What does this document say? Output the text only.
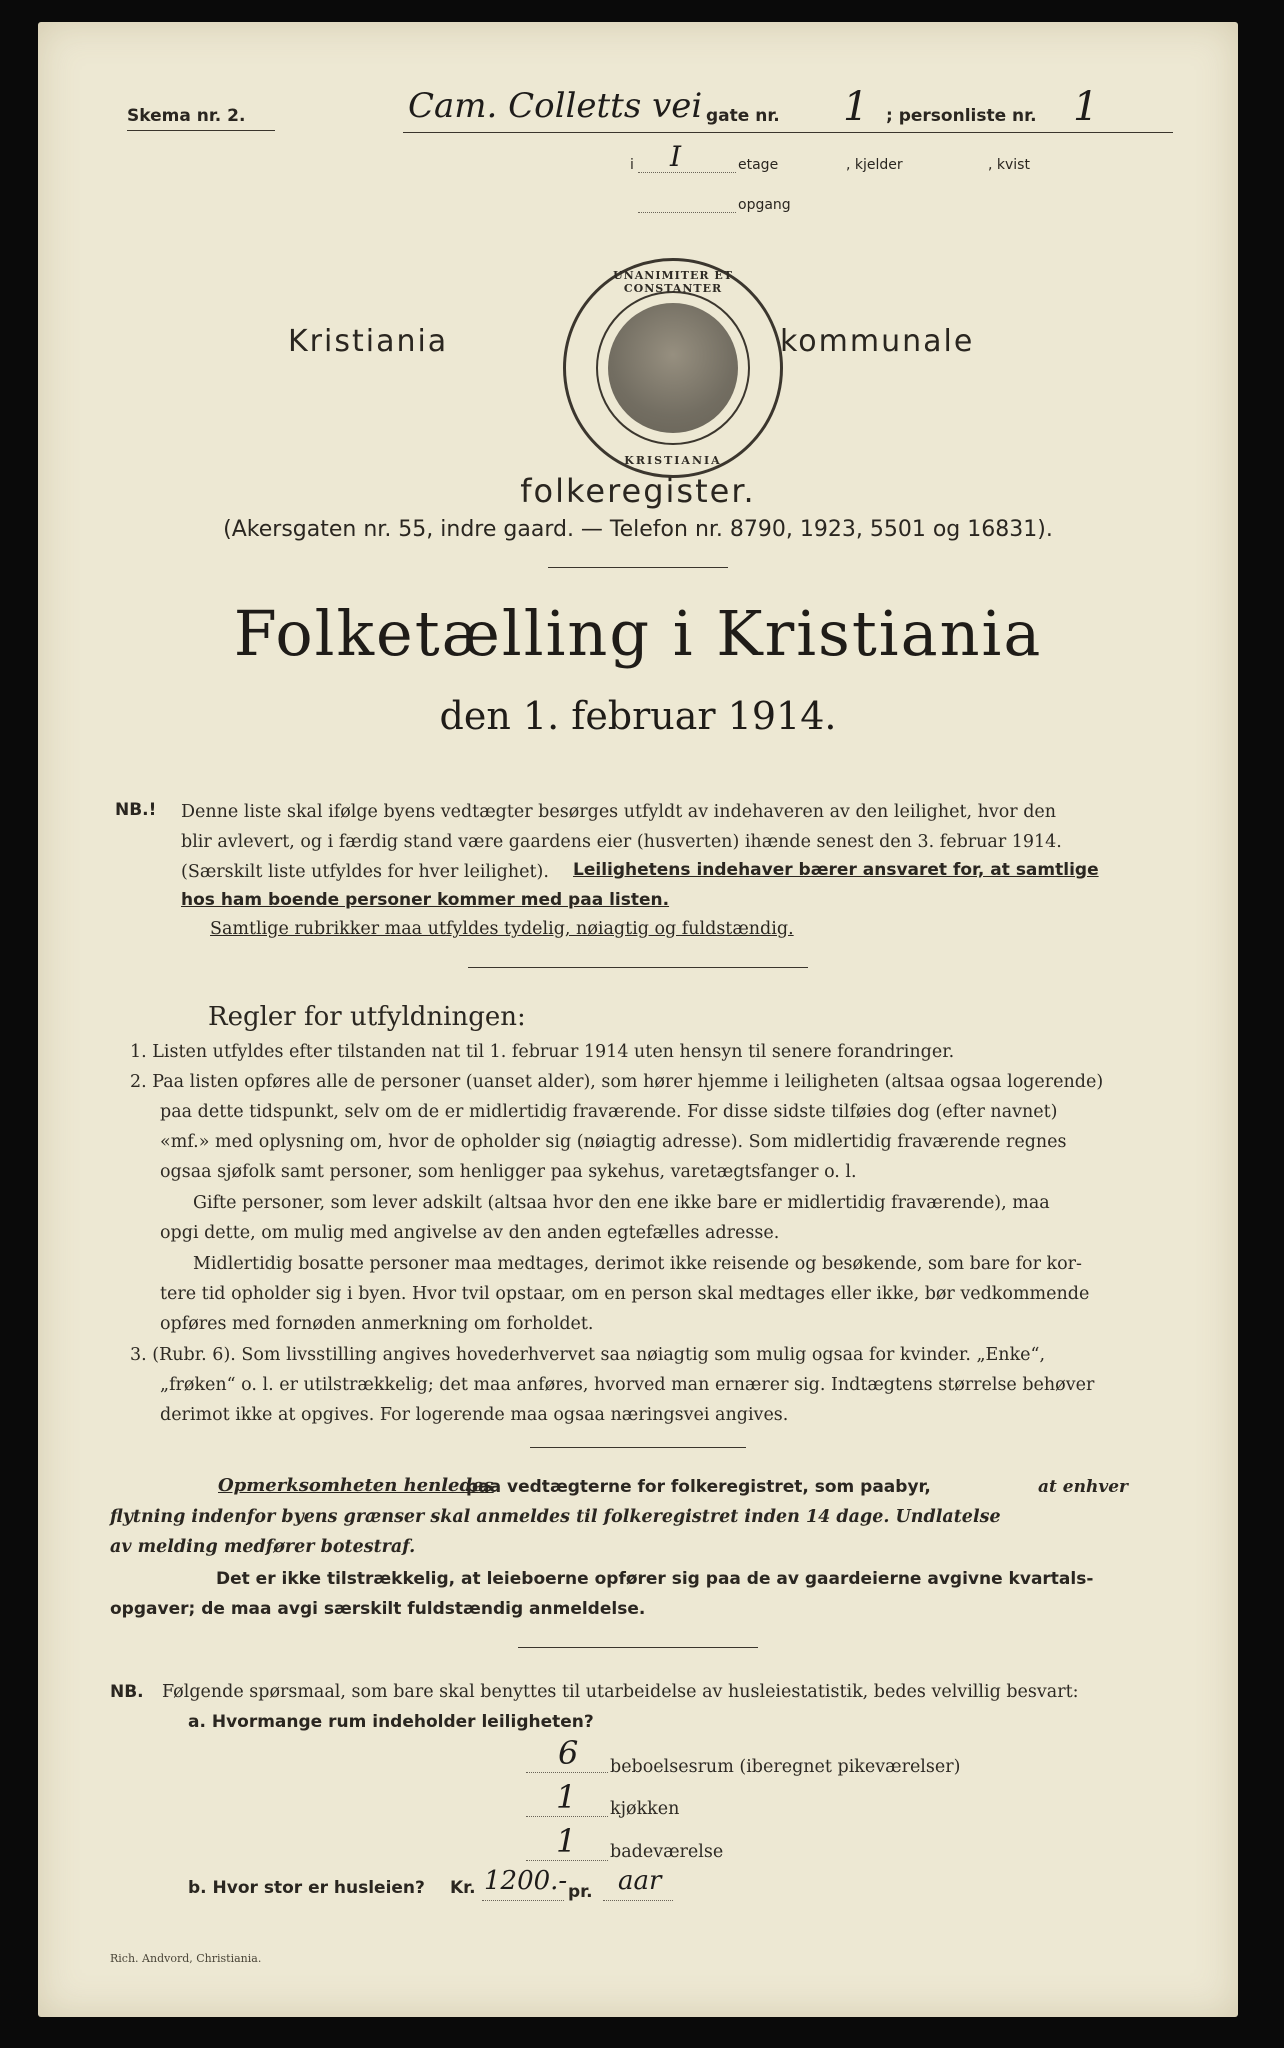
Skema nr. 2.	Cam. Colletts vei gate nr. 1 ; personliste nr. 1
i I	etage	, kjelder	, kvist
opgang
Kristiania
UNANIMITER ET CONSTANTER
KRISTIANIA
kommunale
folkeregister.
(Akersgaten nr. 55, indre gaard. — Telefon nr. 8790, 1923, 5501 og 16831).
Folketælling i Kristiania
den 1. februar 1914.
NB.! Denne liste skal ifølge byens vedtægter besørges utfyldt av indehaveren av den leilighet, hvor den
blir avlevert, og i færdig stand være gaardens eier (husverten) ihænde senest den 3. februar 1914.
(Særskilt liste utfyldes for hver leilighet). Leilighetens indehaver bærer ansvaret for, at samtlige
hos ham boende personer kommer med paa listen.
Samtlige rubrikker maa utfyldes tydelig, nøiagtig og fuldstændig.
Regler for utfyldningen:
1. Listen utfyldes efter tilstanden nat til 1. februar 1914 uten hensyn til senere forandringer.
2. Paa listen opføres alle de personer (uanset alder), som hører hjemme i leiligheten (altsaa ogsaa logerende)
paa dette tidspunkt, selv om de er midlertidig fraværende. For disse sidste tilføies dog (efter navnet)
«mf.» med oplysning om, hvor de opholder sig (nøiagtig adresse). Som midlertidig fraværende regnes
ogsaa sjøfolk samt personer, som henligger paa sykehus, varetægtsfanger o. l.
Gifte personer, som lever adskilt (altsaa hvor den ene ikke bare er midlertidig fraværende), maa
opgi dette, om mulig med angivelse av den anden egtefælles adresse.
Midlertidig bosatte personer maa medtages, derimot ikke reisende og besøkende, som bare for kor-
tere tid opholder sig i byen. Hvor tvil opstaar, om en person skal medtages eller ikke, bør vedkommende
opføres med fornøden anmerkning om forholdet.
3. (Rubr. 6). Som livsstilling angives hovederhvervet saa nøiagtig som mulig ogsaa for kvinder. „Enke“,
„frøken“ o. l. er utilstrækkelig; det maa anføres, hvorved man ernærer sig. Indtægtens størrelse behøver
derimot ikke at opgives. For logerende maa ogsaa næringsvei angives.
Opmerksomheten henledes
paa vedtægterne for folkeregistret, som paabyr,	at enhver
flytning indenfor byens grænser skal anmeldes til folkeregistret inden 14 dage. Undlatelse
av melding medfører botestraf.
Det er ikke tilstrækkelig, at leieboerne opfører sig paa de av gaardeierne avgivne kvartals-
opgaver; de maa avgi særskilt fuldstændig anmeldelse.
NB. Følgende spørsmaal, som bare skal benyttes til utarbeidelse av husleiestatistik, bedes velvillig besvart:
a. Hvormange rum indeholder leiligheten?
6 beboelsesrum (iberegnet pikeværelser)
1 kjøkken
1 badeværelse
b. Hvor stor er husleien? Kr. 1200.- pr. aar
Rich. Andvord, Christiania.
